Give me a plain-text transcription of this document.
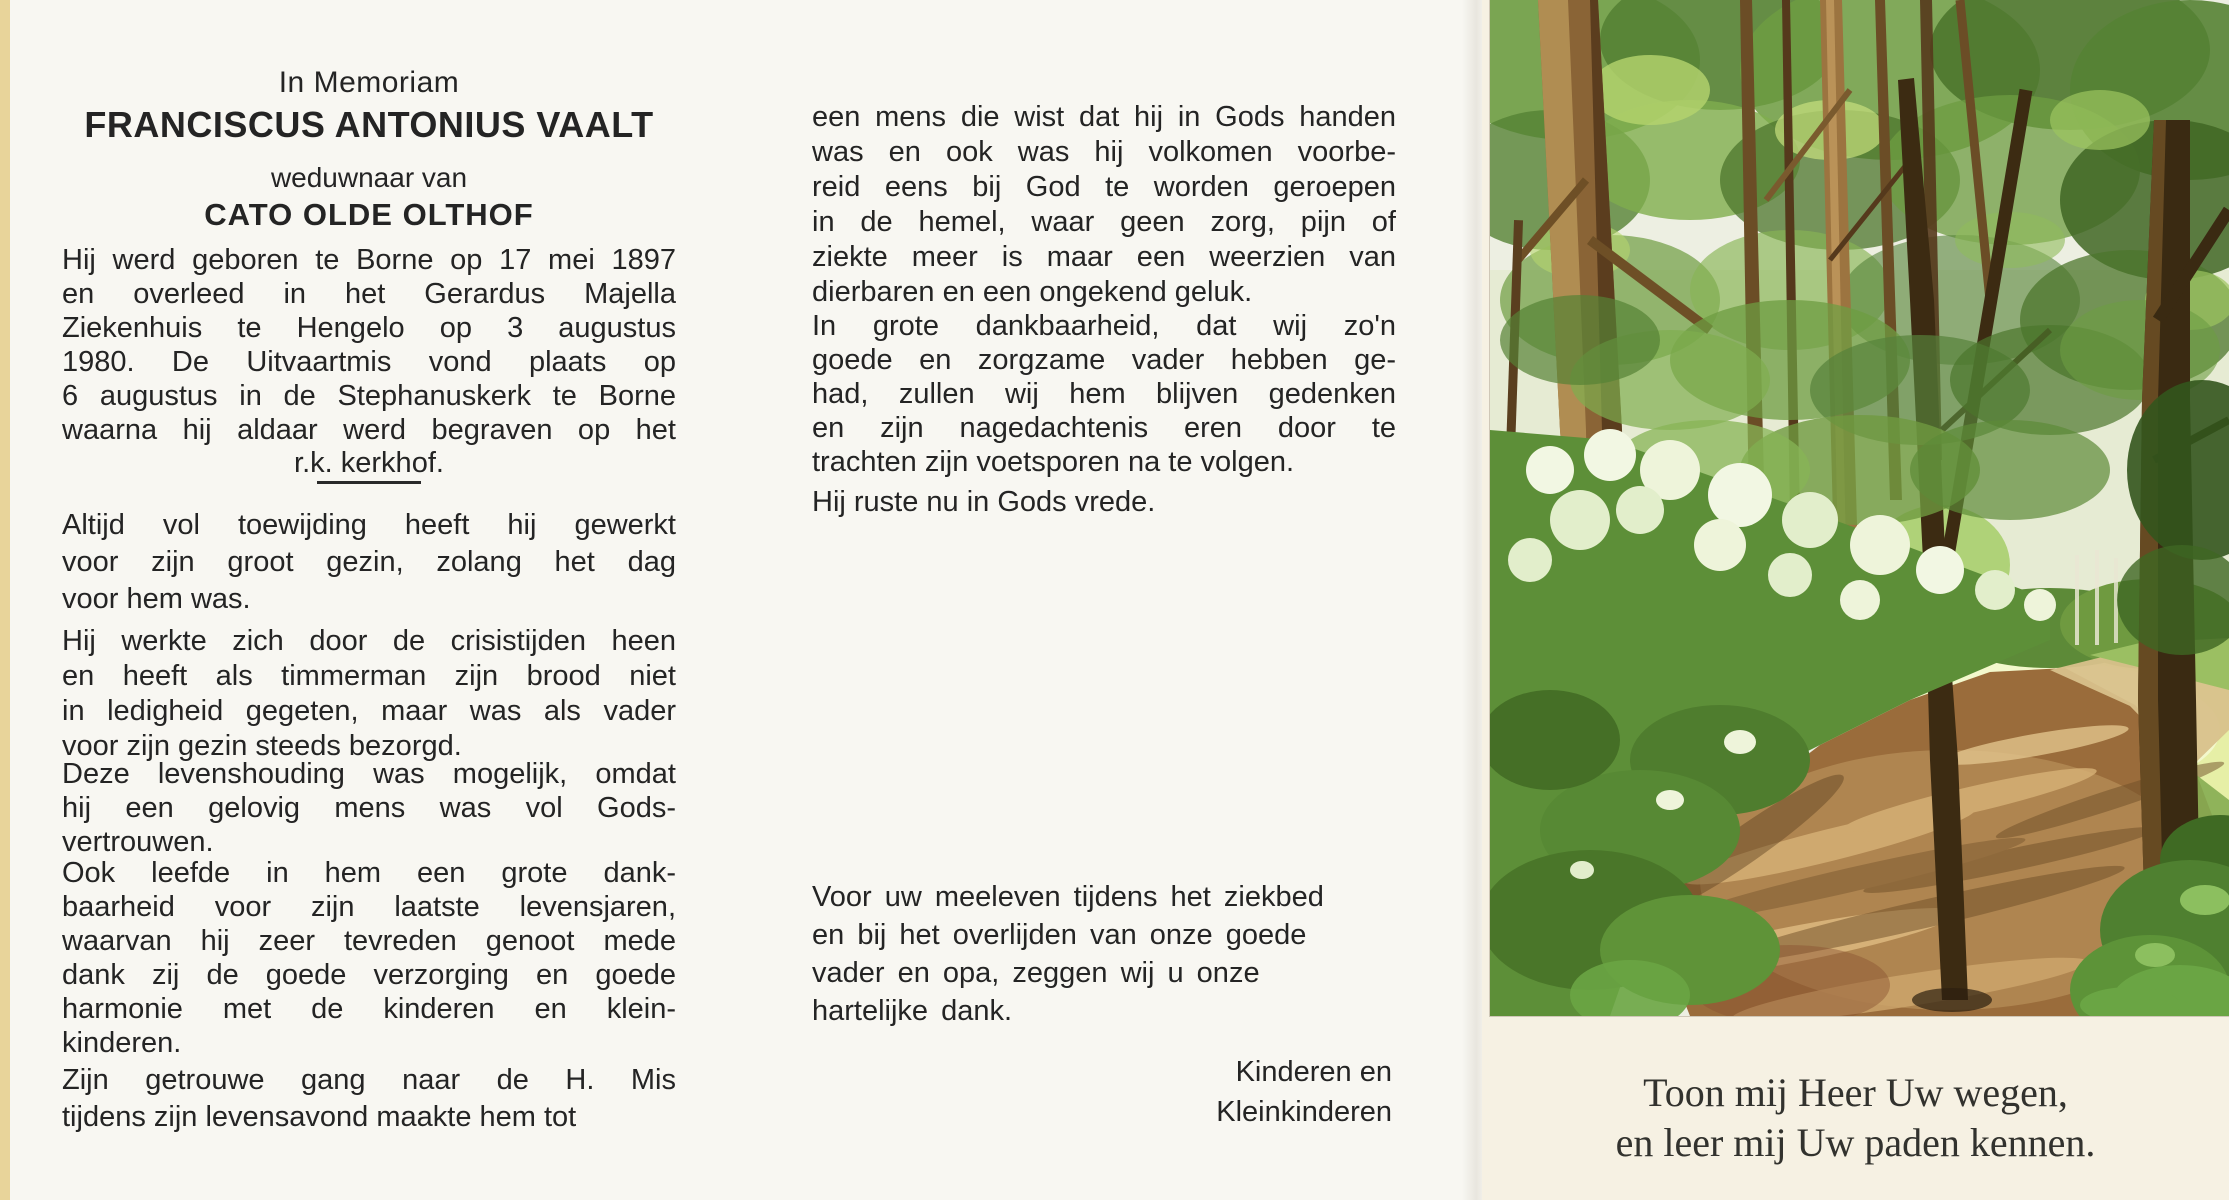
In Memoriam
FRANCISCUS ANTONIUS VAALT
weduwnaar van
CATO OLDE OLTHOF
Hij werd geboren te Borne op 17 mei 1897
en overleed in het Gerardus Majella
Ziekenhuis te Hengelo op 3 augustus
1980. De Uitvaartmis vond plaats op
6 augustus in de Stephanuskerk te Borne
waarna hij aldaar werd begraven op het
r.k. kerkhof.
Altijd vol toewijding heeft hij gewerkt
voor zijn groot gezin, zolang het dag
voor hem was.
Hij werkte zich door de crisistijden heen
en heeft als timmerman zijn brood niet
in ledigheid gegeten, maar was als vader
voor zijn gezin steeds bezorgd.
Deze levenshouding was mogelijk, omdat
hij een gelovig mens was vol Gods-
vertrouwen.
Ook leefde in hem een grote dank-
baarheid voor zijn laatste levensjaren,
waarvan hij zeer tevreden genoot mede
dank zij de goede verzorging en goede
harmonie met de kinderen en klein-
kinderen.
Zijn getrouwe gang naar de H. Mis
tijdens zijn levensavond maakte hem tot
een mens die wist dat hij in Gods handen
was en ook was hij volkomen voorbe-
reid eens bij God te worden geroepen
in de hemel, waar geen zorg, pijn of
ziekte meer is maar een weerzien van
dierbaren en een ongekend geluk.
In grote dankbaarheid, dat wij zo'n
goede en zorgzame vader hebben ge-
had, zullen wij hem blijven gedenken
en zijn nagedachtenis eren door te
trachten zijn voetsporen na te volgen.
Hij ruste nu in Gods vrede.
Voor uw meeleven tijdens het ziekbed
en bij het overlijden van onze goede
vader en opa, zeggen wij u onze
hartelijke dank.
Kinderen en
Kleinkinderen	Toon mij Heer Uw wegen,
en leer mij Uw paden kennen.
